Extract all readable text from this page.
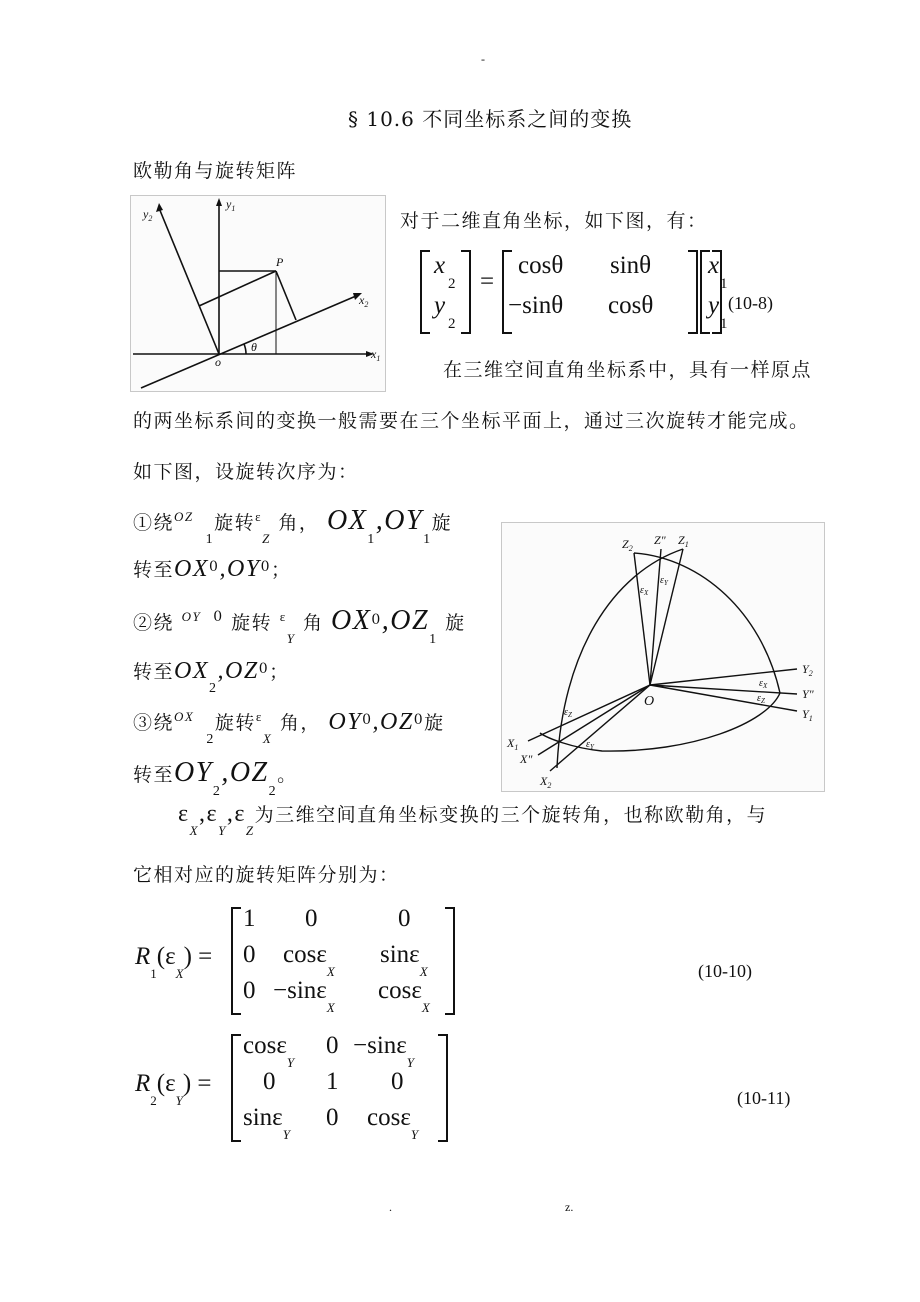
-
§ 10.6 不同坐标系之间的变换
欧勒角与旋转矩阵
$y_1$
$y_2$
$x_1$
$x_2$
P
o
θ
对于二维直角坐标，如下图，有：
x
2
y
2
=
cosθ sinθ
−sinθ cosθ
x
1
y
1
(10-8)
在三维空间直角坐标系中，具有一样原点
的两坐标系间的变换一般需要在三个坐标平面上，通过三次旋转才能完成。
如下图，设旋转次序为：
①绕$^{OZ}_1$旋转$^\varepsilon_Z$ 角， $OX_1,OY_1$旋
转至$OX^0,OY^0$；
②绕 $^{OY}$ $^0$ 旋转 $^\varepsilon_Y$ 角 $OX^0,OZ_1$ 旋
转至$OX_2,OZ^0$；
③绕$^{OX}_2$旋转$^\varepsilon_X$ 角， $OY^0,OZ^0$旋
转至$OY_2,OZ_2$。
$Z_2$
Z" $Z_1$
$Y_2$
Y"
$Y_1$
$X_1$
X"
$X_2$
O
$\varepsilon_X$
$\varepsilon_Y$
$\varepsilon_X$
$\varepsilon_Z$
$\varepsilon_Z$
$\varepsilon_Y$
$\varepsilon_X,\varepsilon_Y,\varepsilon_Z$为三维空间直角坐标变换的三个旋转角，也称欧勒角，与
它相对应的旋转矩阵分别为：
$R_1(\varepsilon_X)$ =
1 0	0
0 cosε$_X$
sinε$_X$
0 −sinε$_X$
cosε$_X$
(10-10)
$R_2(\varepsilon_Y)$ =
cosε$_Y$
0 −sinε$_Y$
0 1 0
sinε$_Y$
0 cosε$_Y$
(10-11)
.	z.
